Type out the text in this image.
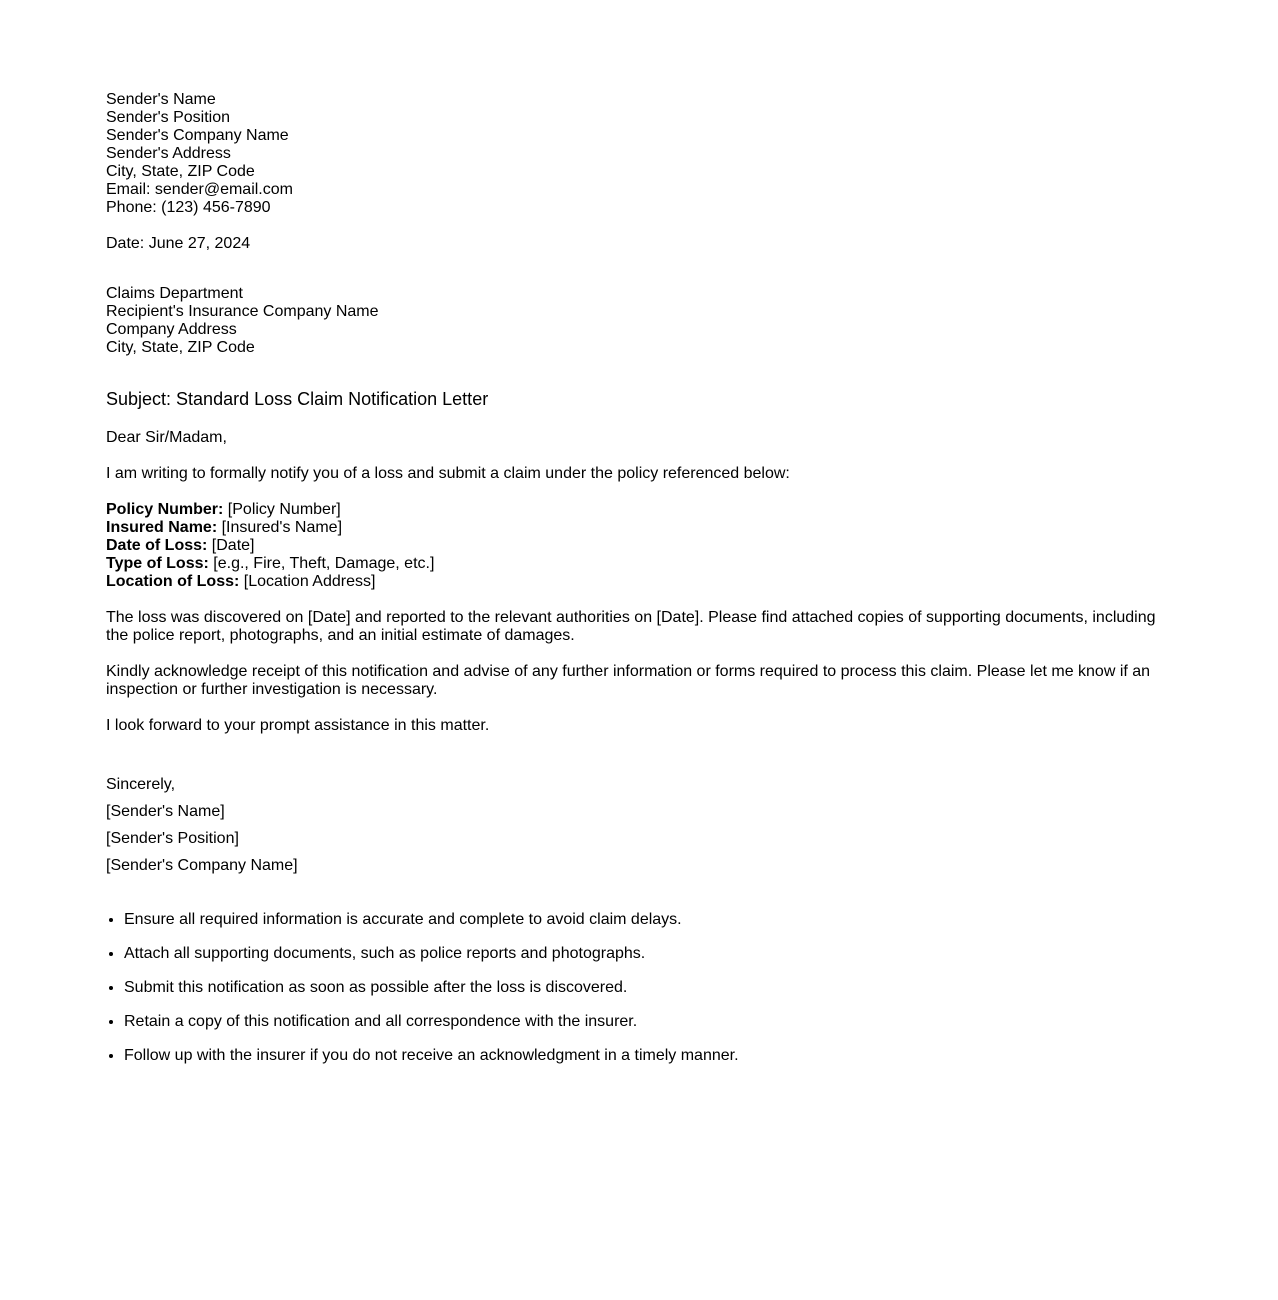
Sender's Name
Sender's Position
Sender's Company Name
Sender's Address
City, State, ZIP Code
Email: sender@email.com
Phone: (123) 456-7890
Date: June 27, 2024
Claims Department
Recipient's Insurance Company Name
Company Address
City, State, ZIP Code
Subject: Standard Loss Claim Notification Letter
Dear Sir/Madam,
I am writing to formally notify you of a loss and submit a claim under the policy referenced below:
Policy Number: [Policy Number]
Insured Name: [Insured's Name]
Date of Loss: [Date]
Type of Loss: [e.g., Fire, Theft, Damage, etc.]
Location of Loss: [Location Address]
The loss was discovered on [Date] and reported to the relevant authorities on [Date]. Please find attached copies of supporting documents, including the police report, photographs, and an initial estimate of damages.
Kindly acknowledge receipt of this notification and advise of any further information or forms required to process this claim. Please let me know if an inspection or further investigation is necessary.
I look forward to your prompt assistance in this matter.
Sincerely,
[Sender's Name]
[Sender's Position]
[Sender's Company Name]
• Ensure all required information is accurate and complete to avoid claim delays.
• Attach all supporting documents, such as police reports and photographs.
• Submit this notification as soon as possible after the loss is discovered.
• Retain a copy of this notification and all correspondence with the insurer.
• Follow up with the insurer if you do not receive an acknowledgment in a timely manner.
